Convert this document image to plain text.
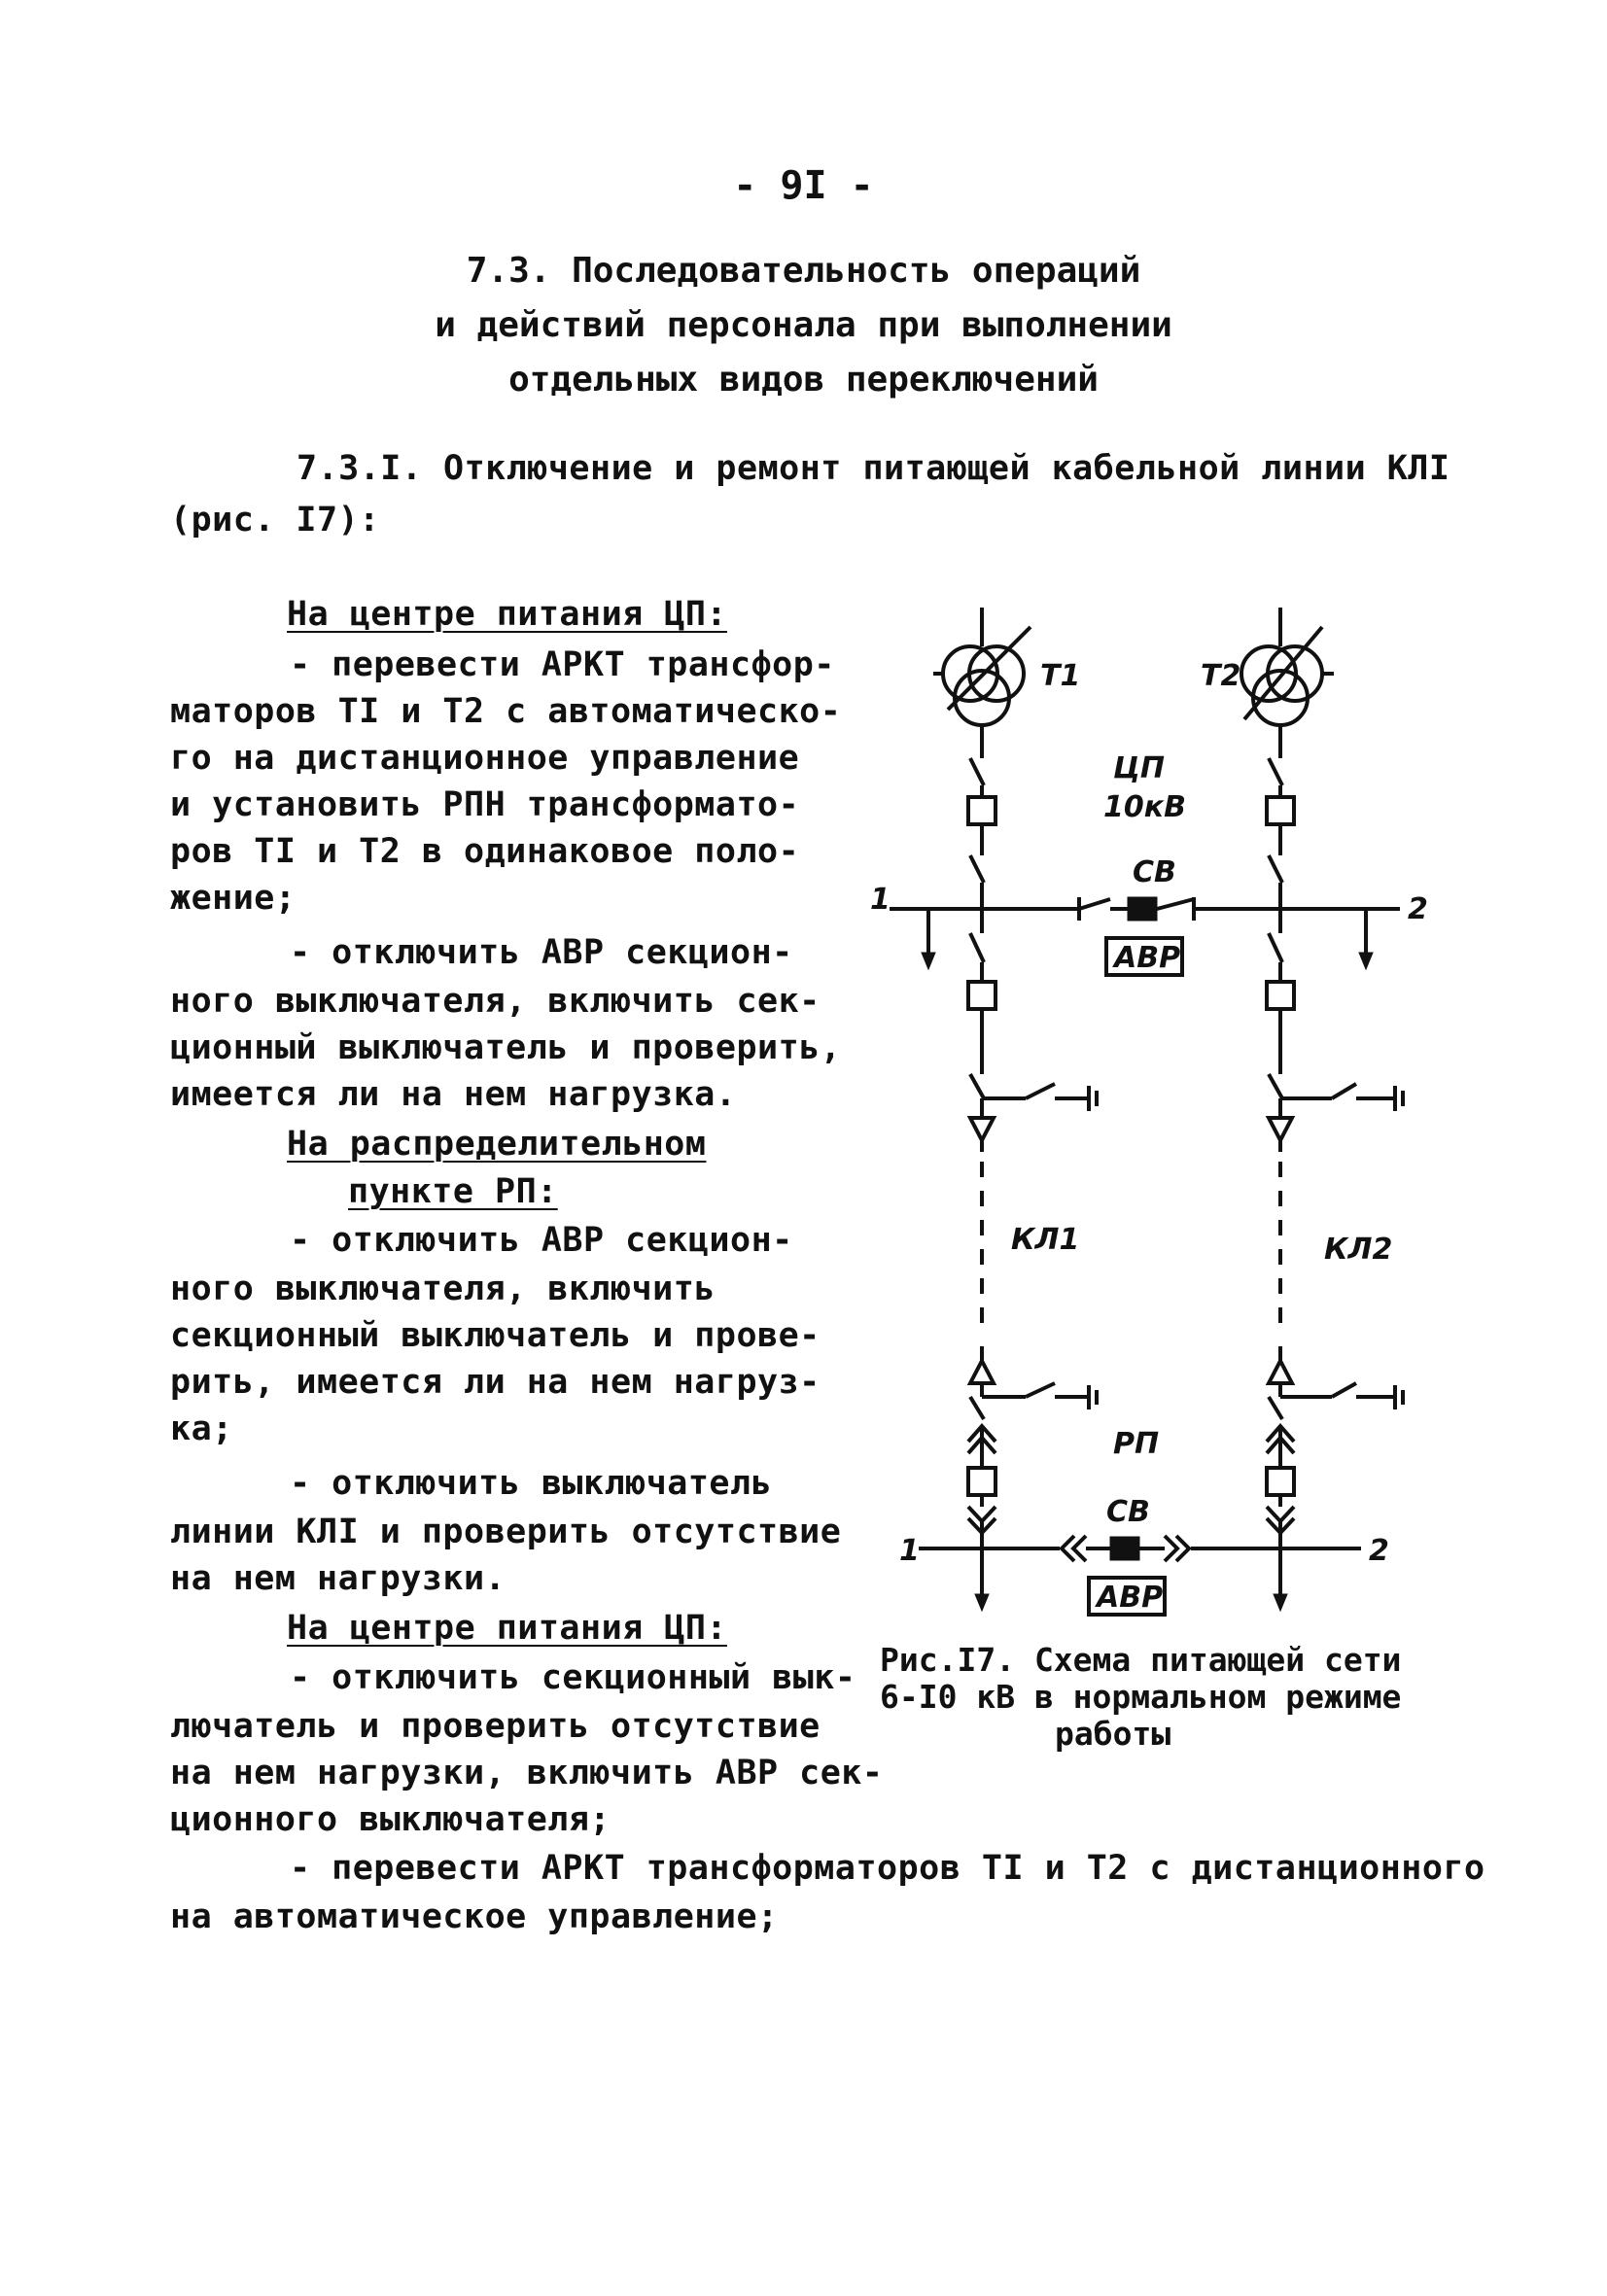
- 9I -
7.3. Последовательность операций
и действий персонала при выполнении
отдельных видов переключений
7.3.I. Отключение и ремонт питающей кабельной линии КЛI
(рис. I7):
На центре питания ЦП:
- перевести АРКТ трансфор-
маторов TI и T2 с автоматическо-
го на дистанционное управление
и установить РПН трансформато-
ров TI и T2 в одинаковое поло-
жение;
- отключить АВР секцион-
ного выключателя, включить сек-
ционный выключатель и проверить,
имеется ли на нем нагрузка.
На распределительном
пункте РП:
- отключить АВР секцион-
ного выключателя, включить
секционный выключатель и прове-
рить, имеется ли на нем нагруз-
ка;
- отключить выключатель
линии КЛI и проверить отсутствие
на нем нагрузки.
На центре питания ЦП:
- отключить секционный вык-
лючатель и проверить отсутствие
на нем нагрузки, включить АВР сек-
ционного выключателя;
- перевести АРКТ трансформаторов TI и T2 с дистанционного
на автоматическое управление;
Рис.I7. Схема питающей сети
6-I0 кВ в нормальном режиме
работы
T1	T2
ЦП
10кВ
1	2
СВ
АВР
КЛ1	КЛ2
РП
1	2
СВ
АВР
